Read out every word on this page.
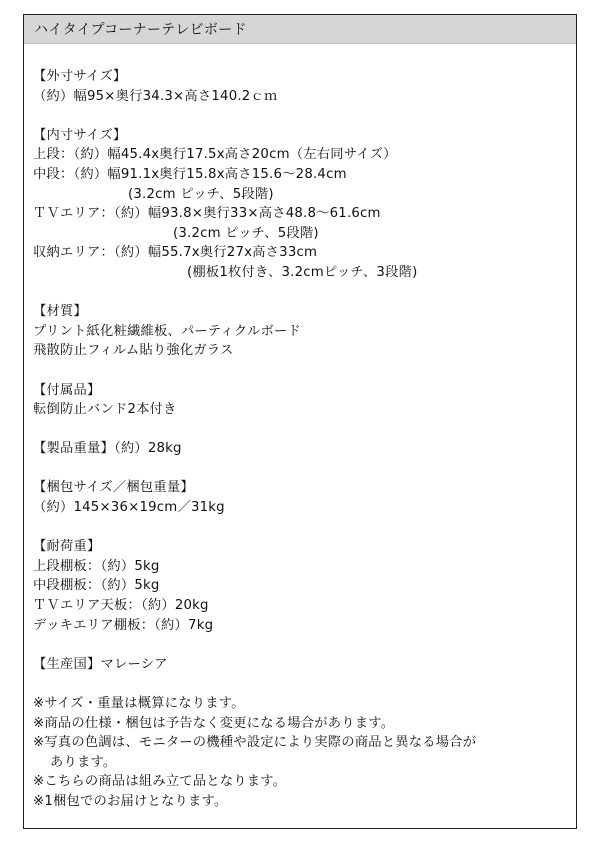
ハイタイプコーナーテレビボード
【外寸サイズ】
（約）幅95×奥行34.3×高さ140.2ｃｍ
【内寸サイズ】
上段：（約）幅45.4x奥行17.5x高さ20cm（左右同サイズ）
中段：（約）幅91.1x奥行15.8x高さ15.6～28.4cm
(3.2cm ピッチ、5段階)
ＴＶエリア：（約）幅93.8×奥行33×高さ48.8～61.6cm
(3.2cm ピッチ、5段階)
収納エリア：（約）幅55.7x奥行27x高さ33cm
(棚板1枚付き、3.2cmピッチ、3段階)
【材質】
プリント紙化粧繊維板、パーティクルボード
飛散防止フィルム貼り強化ガラス
【付属品】
転倒防止バンド2本付き
【製品重量】（約）28kg
【梱包サイズ／梱包重量】
（約）145×36×19cm／31kg
【耐荷重】
上段棚板：（約）5kg
中段棚板：（約）5kg
ＴＶエリア天板：（約）20kg
デッキエリア棚板：（約）7kg
【生産国】マレーシア
※サイズ・重量は概算になります。
※商品の仕様・梱包は予告なく変更になる場合があります。
※写真の色調は、モニターの機種や設定により実際の商品と異なる場合が
あります。
※こちらの商品は組み立て品となります。
※1梱包でのお届けとなります。
